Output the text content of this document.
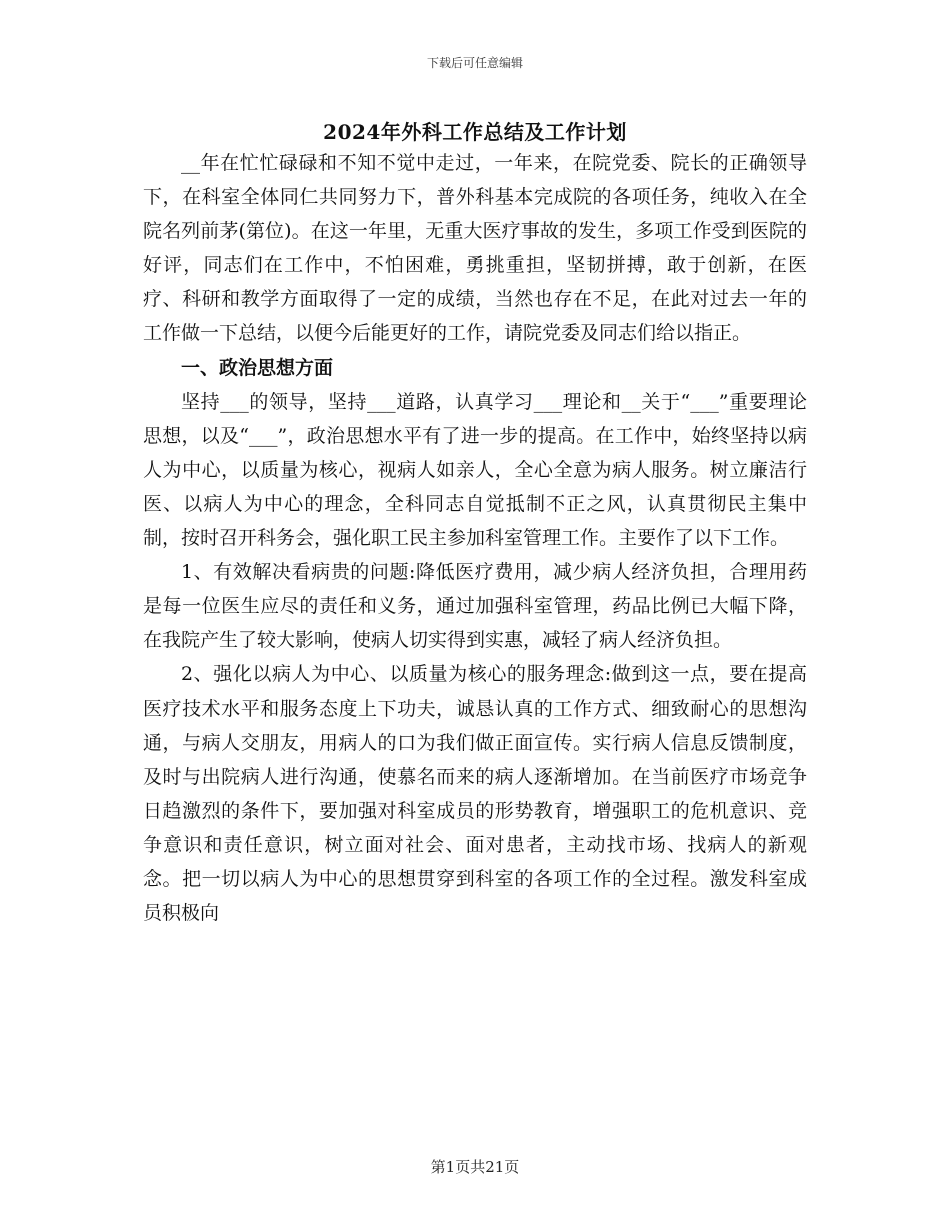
下载后可任意编辑
2024年外科工作总结及工作计划

__年在忙忙碌碌和不知不觉中走过，一年来，在院党委、院长的正确领导下，在科室全体同仁共同努力下，普外科基本完成院的各项任务，纯收入在全院名列前茅(第位)。在这一年里，无重大医疗事故的发生，多项工作受到医院的好评，同志们在工作中，不怕困难，勇挑重担，坚韧拼搏，敢于创新，在医疗、科研和教学方面取得了一定的成绩，当然也存在不足，在此对过去一年的工作做一下总结，以便今后能更好的工作，请院党委及同志们给以指正。

一、政治思想方面

坚持___的领导，坚持___道路，认真学习___理论和__关于“___”重要理论思想，以及“___”，政治思想水平有了进一步的提高。在工作中，始终坚持以病人为中心，以质量为核心，视病人如亲人，全心全意为病人服务。树立廉洁行医、以病人为中心的理念，全科同志自觉抵制不正之风，认真贯彻民主集中制，按时召开科务会，强化职工民主参加科室管理工作。主要作了以下工作。

1、有效解决看病贵的问题:降低医疗费用，减少病人经济负担，合理用药是每一位医生应尽的责任和义务，通过加强科室管理，药品比例已大幅下降，在我院产生了较大影响，使病人切实得到实惠，减轻了病人经济负担。

2、强化以病人为中心、以质量为核心的服务理念:做到这一点，要在提高医疗技术水平和服务态度上下功夫，诚恳认真的工作方式、细致耐心的思想沟通，与病人交朋友，用病人的口为我们做正面宣传。实行病人信息反馈制度，及时与出院病人进行沟通，使慕名而来的病人逐渐增加。在当前医疗市场竞争日趋激烈的条件下，要加强对科室成员的形势教育，增强职工的危机意识、竞争意识和责任意识，树立面对社会、面对患者，主动找市场、找病人的新观念。把一切以病人为中心的思想贯穿到科室的各项工作的全过程。激发科室成员积极向

第1页共21页
